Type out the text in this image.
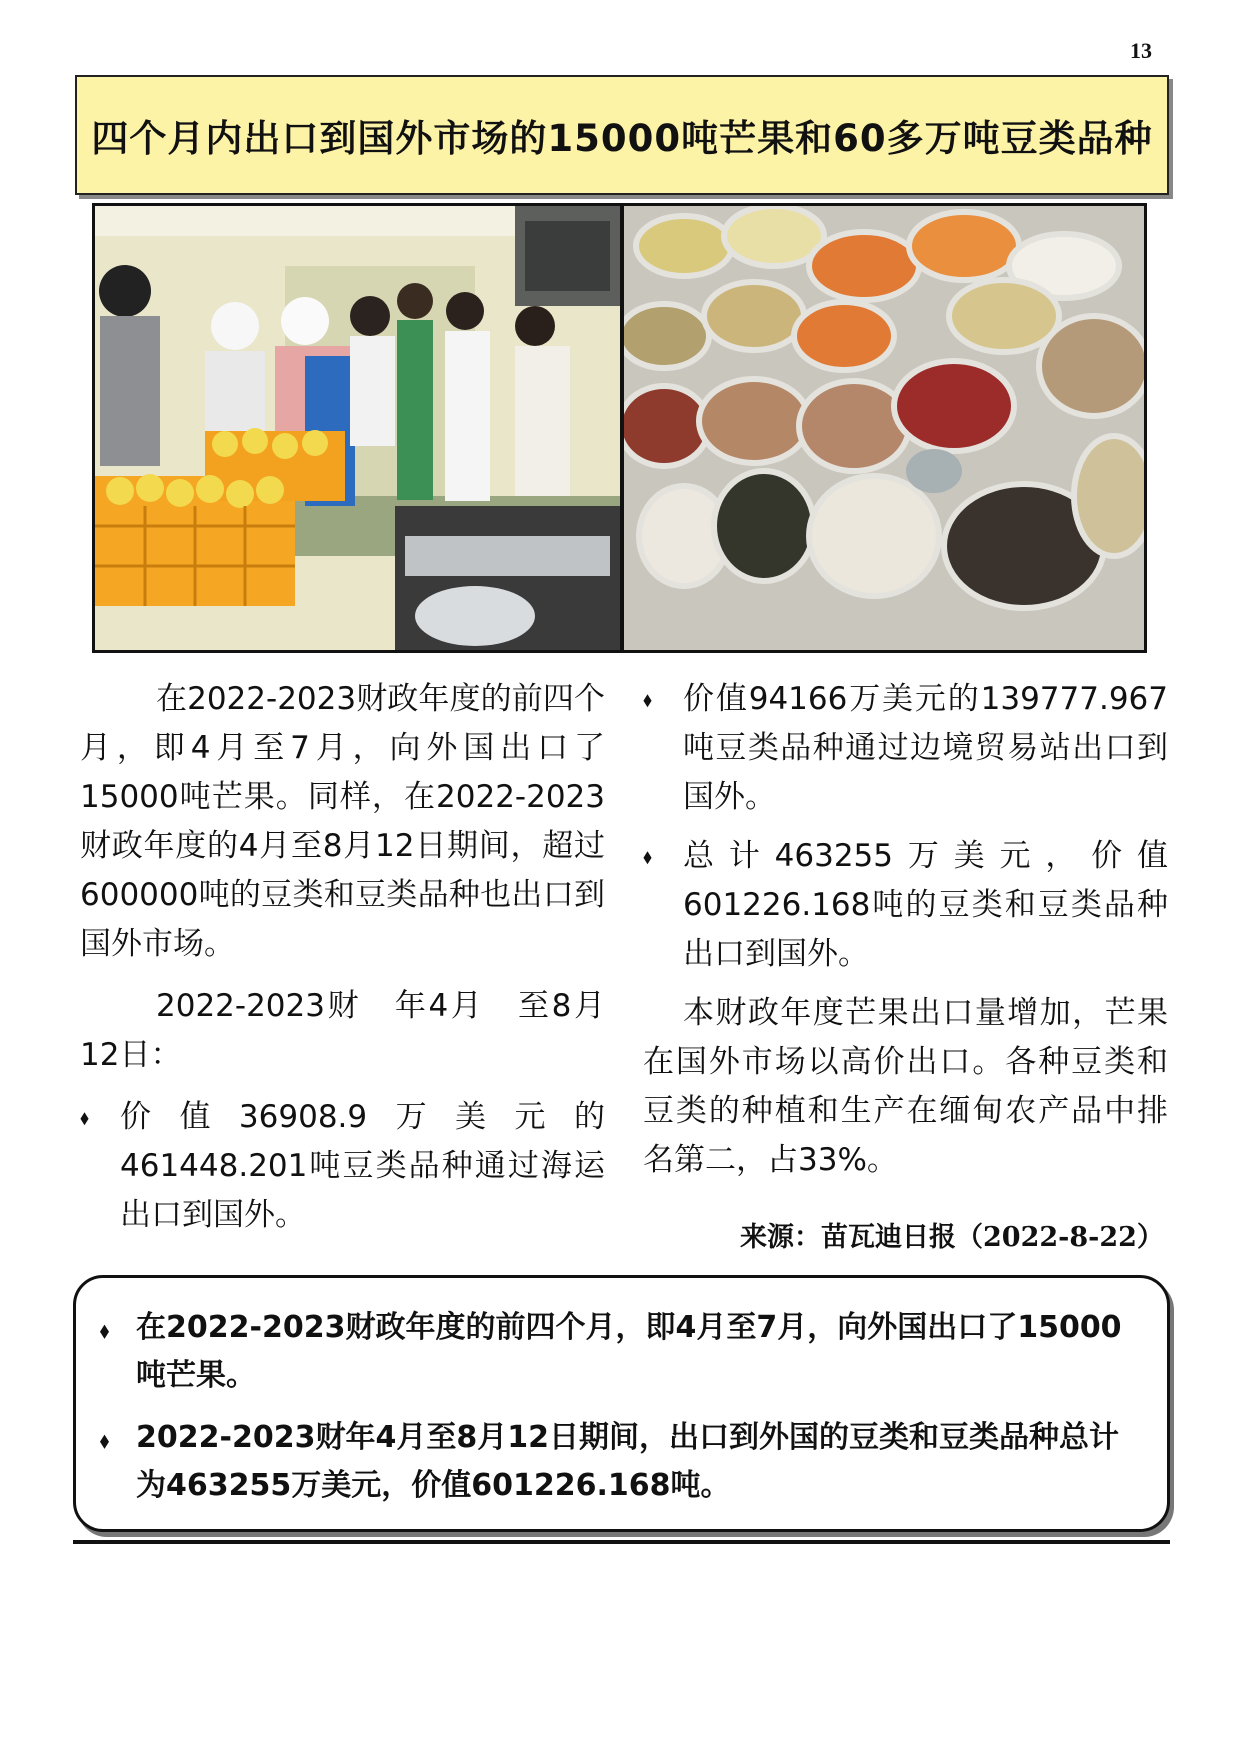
13
四个月内出口到国外市场的15000吨芒果和60多万吨豆类品种

在2022-2023财政年度的前四个月，即4月至7月，向外国出口了15000吨芒果。同样，在2022-2023财政年度的4月至8月12日期间，超过600000吨的豆类和豆类品种也出口到国外市场。

2022-2023财　年4月　至8月12日：

⬧ 价值36908.9万美元的461448.201吨豆类品种通过海运出口到国外。
⬧ 价值94166万美元的139777.967吨豆类品种通过边境贸易站出口到国外。
⬧ 总计463255万美元，价值601226.168吨的豆类和豆类品种出口到国外。

本财政年度芒果出口量增加，芒果在国外市场以高价出口。各种豆类和豆类的种植和生产在缅甸农产品中排名第二，占33%。

来源：苗瓦迪日报（2022-8-22）
⬧ 在2022-2023财政年度的前四个月，即4月至7月，向外国出口了15000吨芒果。
⬧ 2022-2023财年4月至8月12日期间，出口到外国的豆类和豆类品种总计为463255万美元，价值601226.168吨。
